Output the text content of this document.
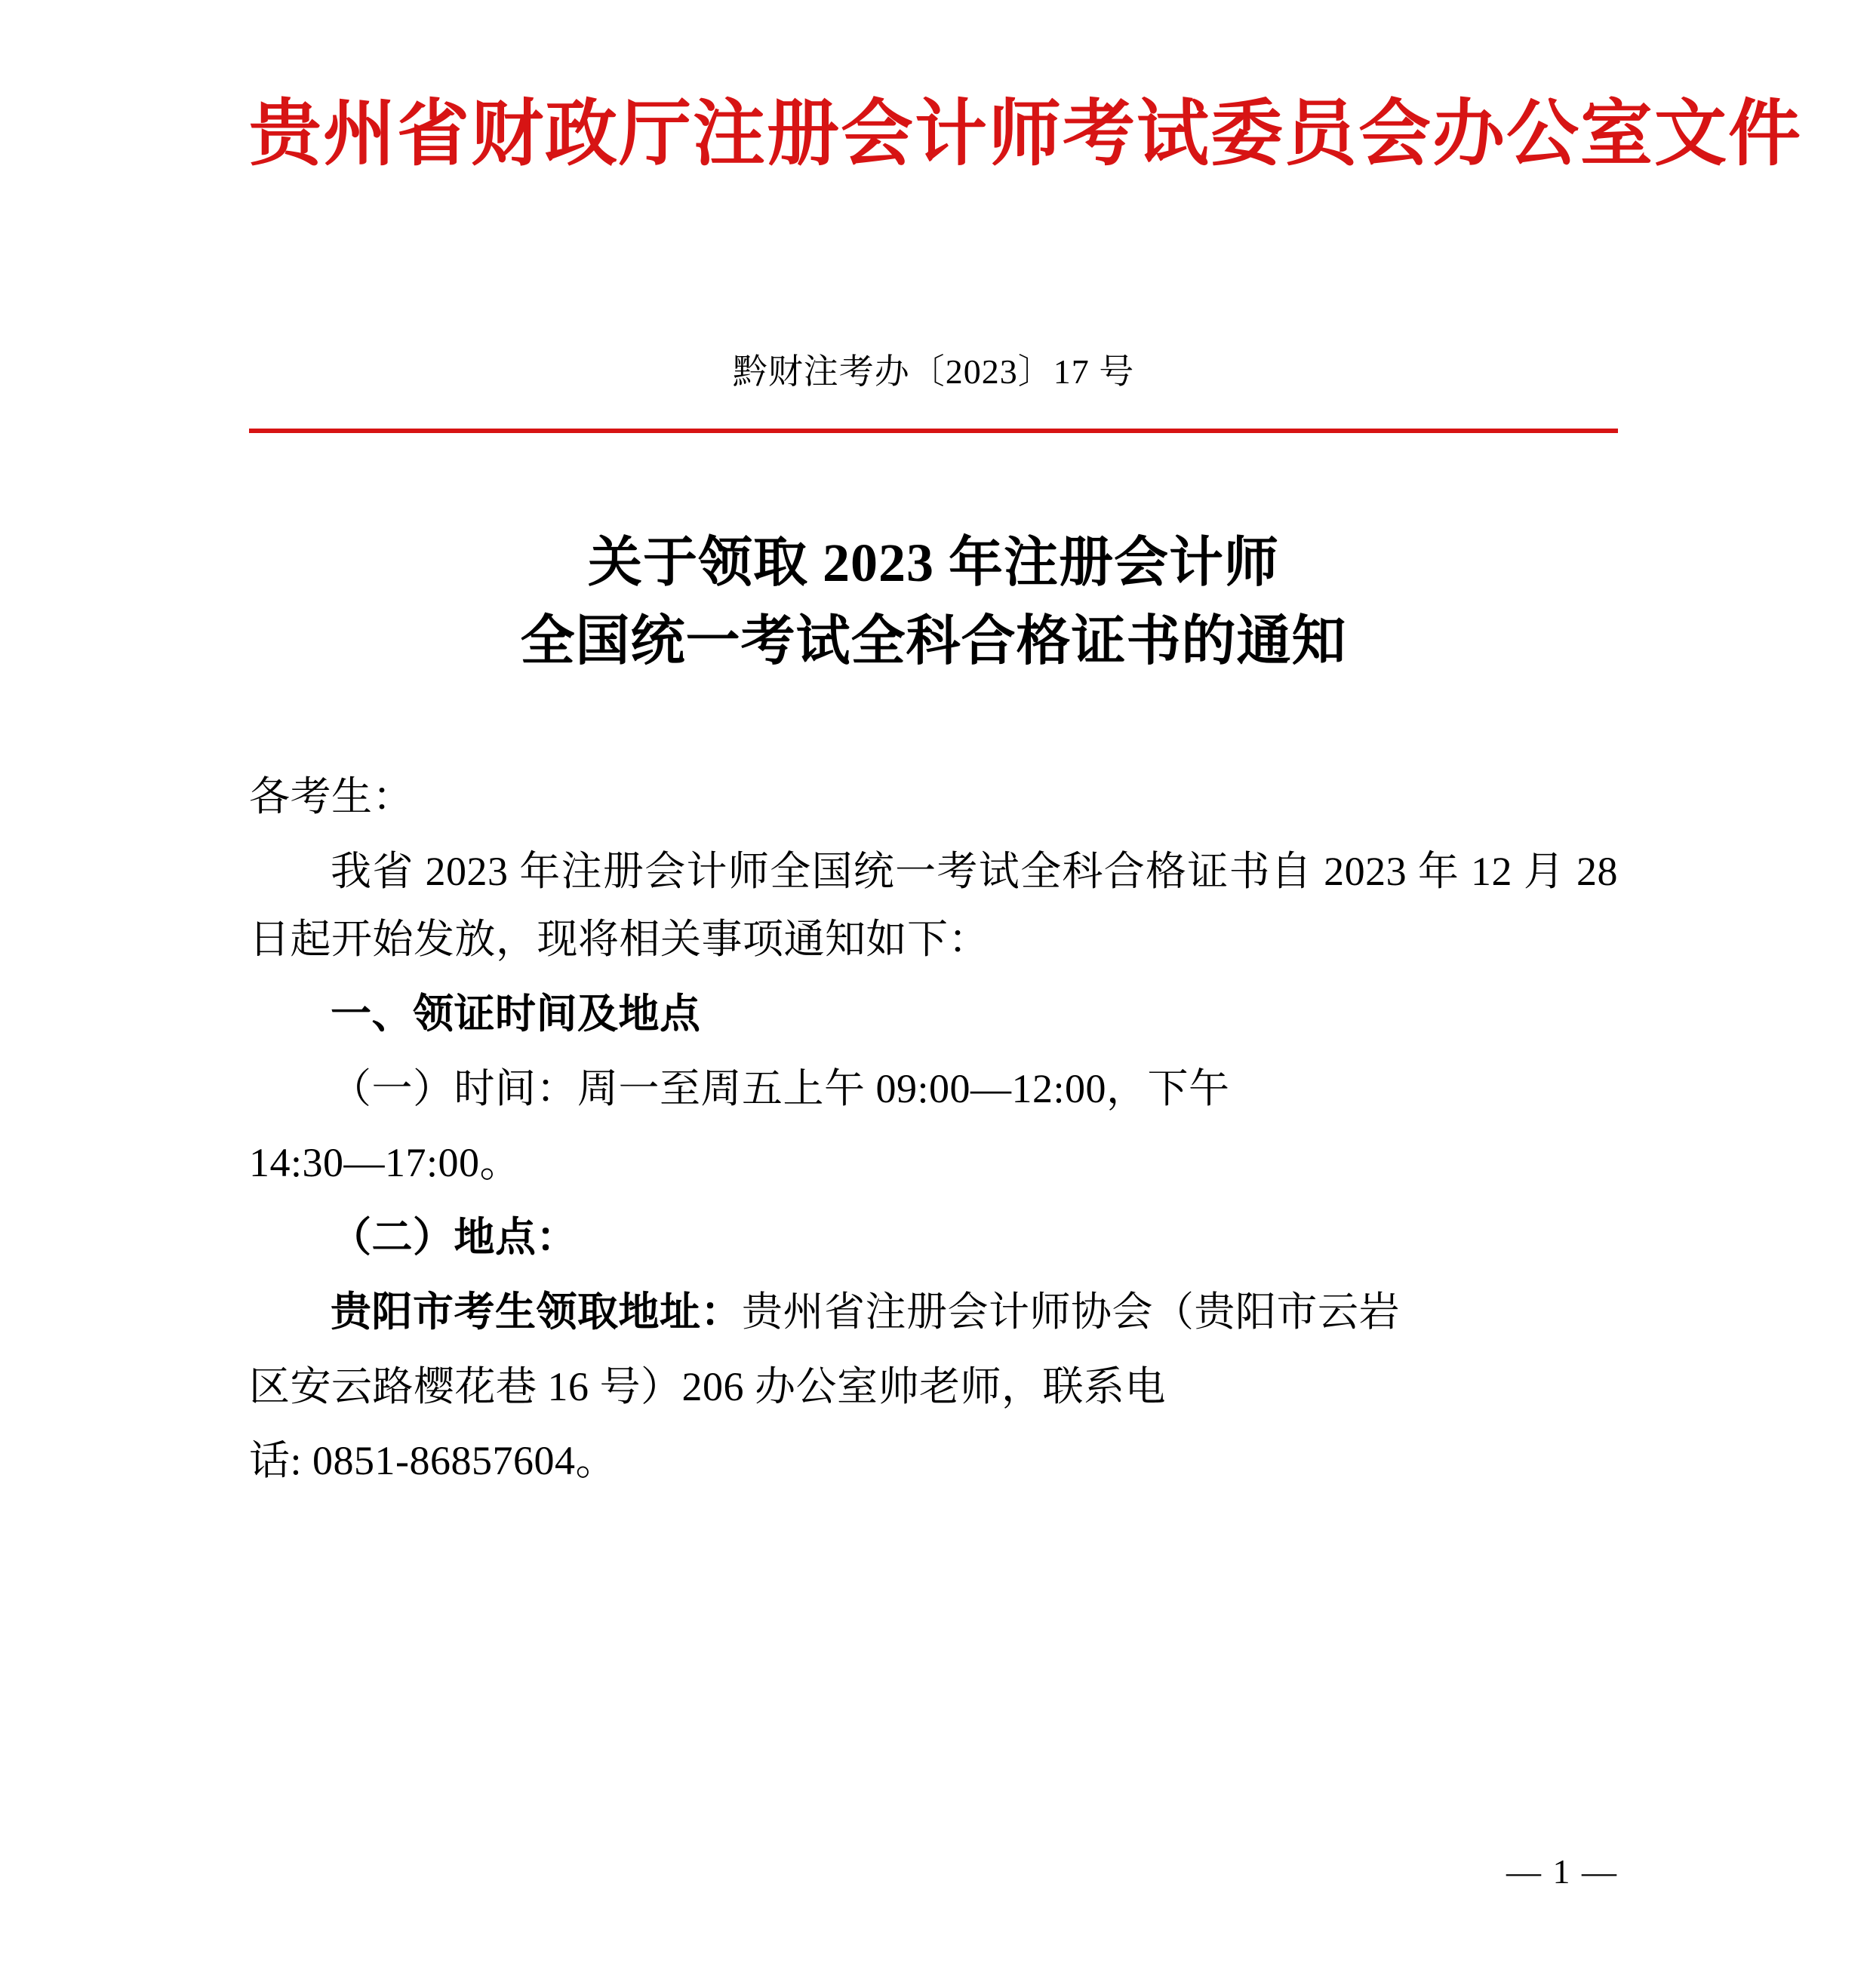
贵州省财政厅注册会计师考试委员会办公室文件
黔财注考办〔2023〕17 号
关于领取 2023 年注册会计师
全国统一考试全科合格证书的通知

各考生：

我省 2023 年注册会计师全国统一考试全科合格证书自 2023 年 12 月 28 日起开始发放，现将相关事项通知如下：

一、领证时间及地点

（一）时间：周一至周五上午 09:00—12:00，下午

14:30—17:00。

（二）地点：

贵阳市考生领取地址：贵州省注册会计师协会（贵阳市云岩

区安云路樱花巷 16 号）206 办公室帅老师，联系电

话: 0851-86857604。

— 1 —
